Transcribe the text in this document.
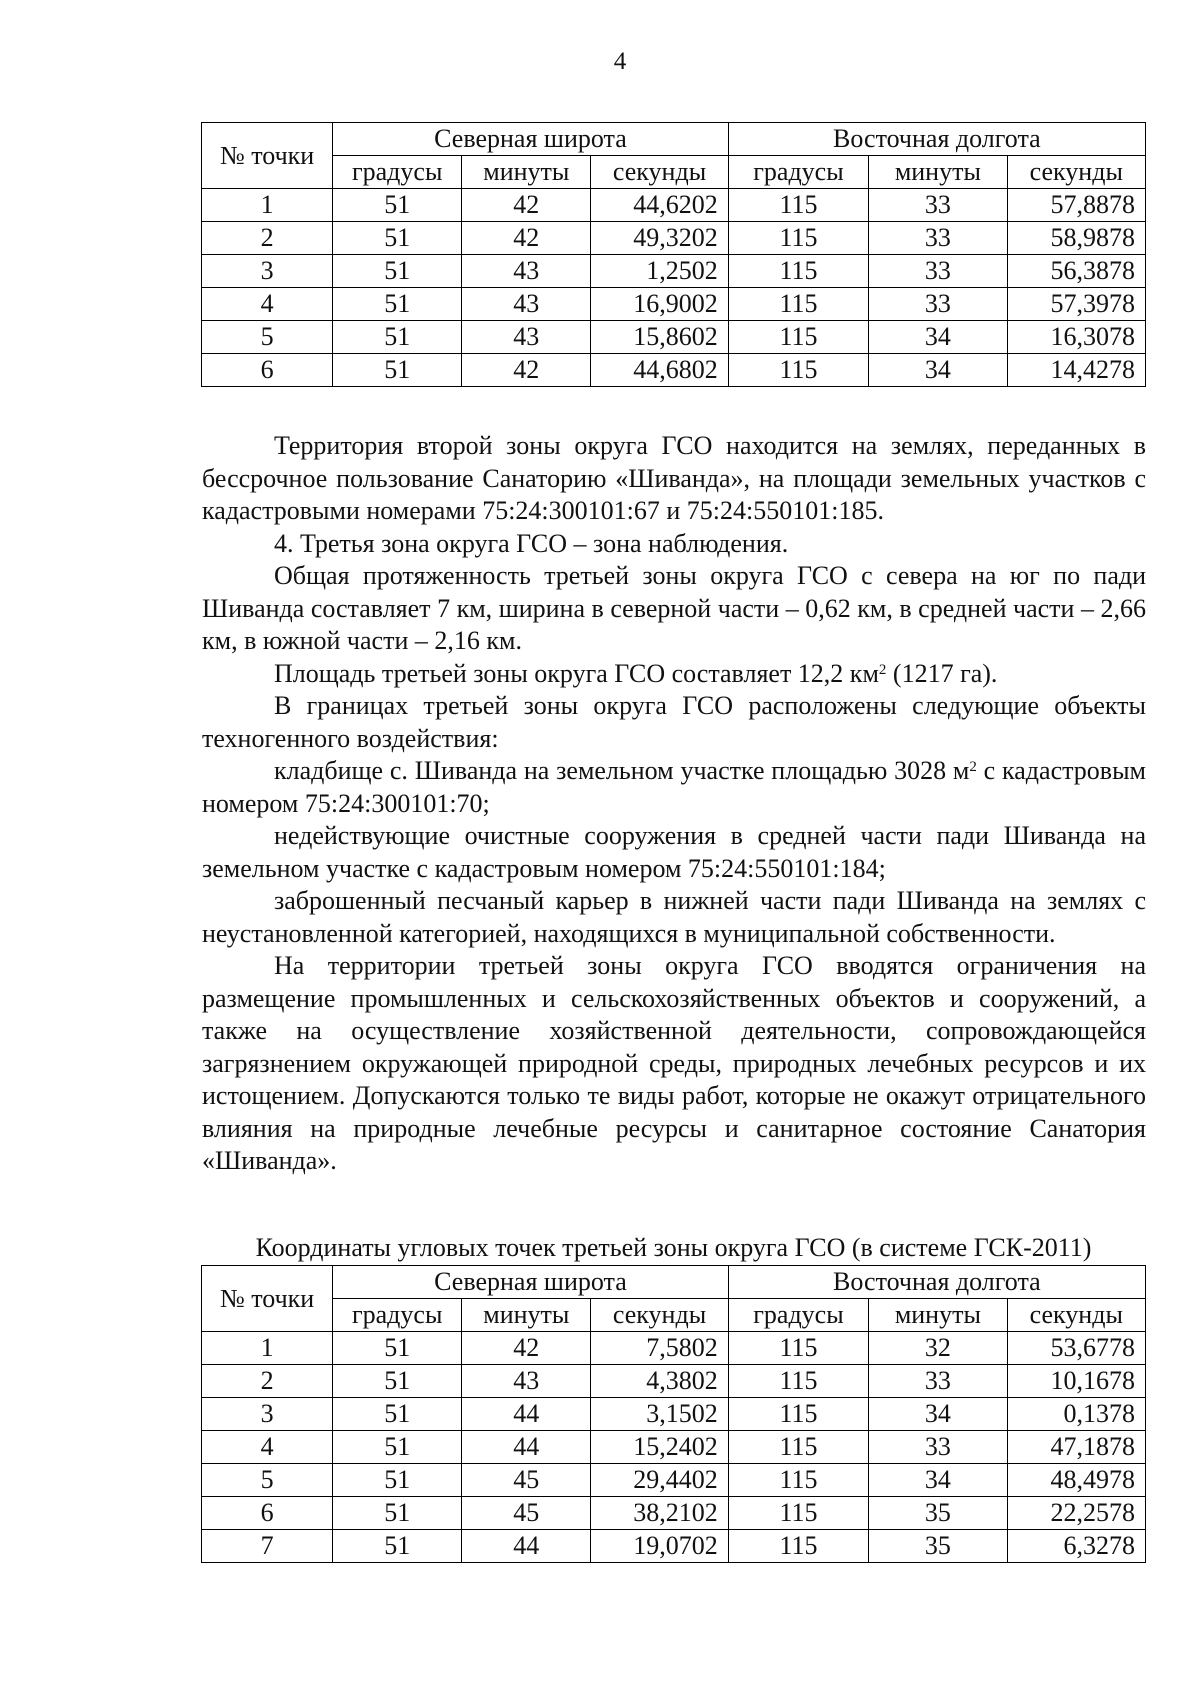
4
№ точки	Северная широта			Восточная долгота		
	градусы	минуты	секунды	градусы	минуты	секунды
1	51	42	44,6202	115	33	57,8878
2	51	42	49,3202	115	33	58,9878
3	51	43	1,2502	115	33	56,3878
4	51	43	16,9002	115	33	57,3978
5	51	43	15,8602	115	34	16,3078
6	51	42	44,6802	115	34	14,4278

Территория второй зоны округа ГСО находится на землях, переданных в бессрочное пользование Санаторию «Шиванда», на площади земельных участков с кадастровыми номерами 75:24:300101:67 и 75:24:550101:185.

4. Третья зона округа ГСО – зона наблюдения.

Общая протяженность третьей зоны округа ГСО с севера на юг по пади Шиванда составляет 7 км, ширина в северной части – 0,62 км, в средней части – 2,66 км, в южной части – 2,16 км.

Площадь третьей зоны округа ГСО составляет 12,2 $км^2$ (1217 га).

В границах третьей зоны округа ГСО расположены следующие объекты техногенного воздействия:

кладбище с. Шиванда на земельном участке площадью 3028 $м^2$ с кадастровым номером 75:24:300101:70;

недействующие очистные сооружения в средней части пади Шиванда на земельном участке с кадастровым номером 75:24:550101:184;

заброшенный песчаный карьер в нижней части пади Шиванда на землях с неустановленной категорией, находящихся в муниципальной собственности.

На территории третьей зоны округа ГСО вводятся ограничения на размещение промышленных и сельскохозяйственных объектов и сооружений, а также на осуществление хозяйственной деятельности, сопровождающейся загрязнением окружающей природной среды, природных лечебных ресурсов и их истощением. Допускаются только те виды работ, которые не окажут отрицательного влияния на природные лечебные ресурсы и санитарное состояние Санатория «Шиванда».

Координаты угловых точек третьей зоны округа ГСО (в системе ГСК-2011)
№ точки	Северная широта			Восточная долгота		
	градусы	минуты	секунды	градусы	минуты	секунды
1	51	42	7,5802	115	32	53,6778
2	51	43	4,3802	115	33	10,1678
3	51	44	3,1502	115	34	0,1378
4	51	44	15,2402	115	33	47,1878
5	51	45	29,4402	115	34	48,4978
6	51	45	38,2102	115	35	22,2578
7	51	44	19,0702	115	35	6,3278
